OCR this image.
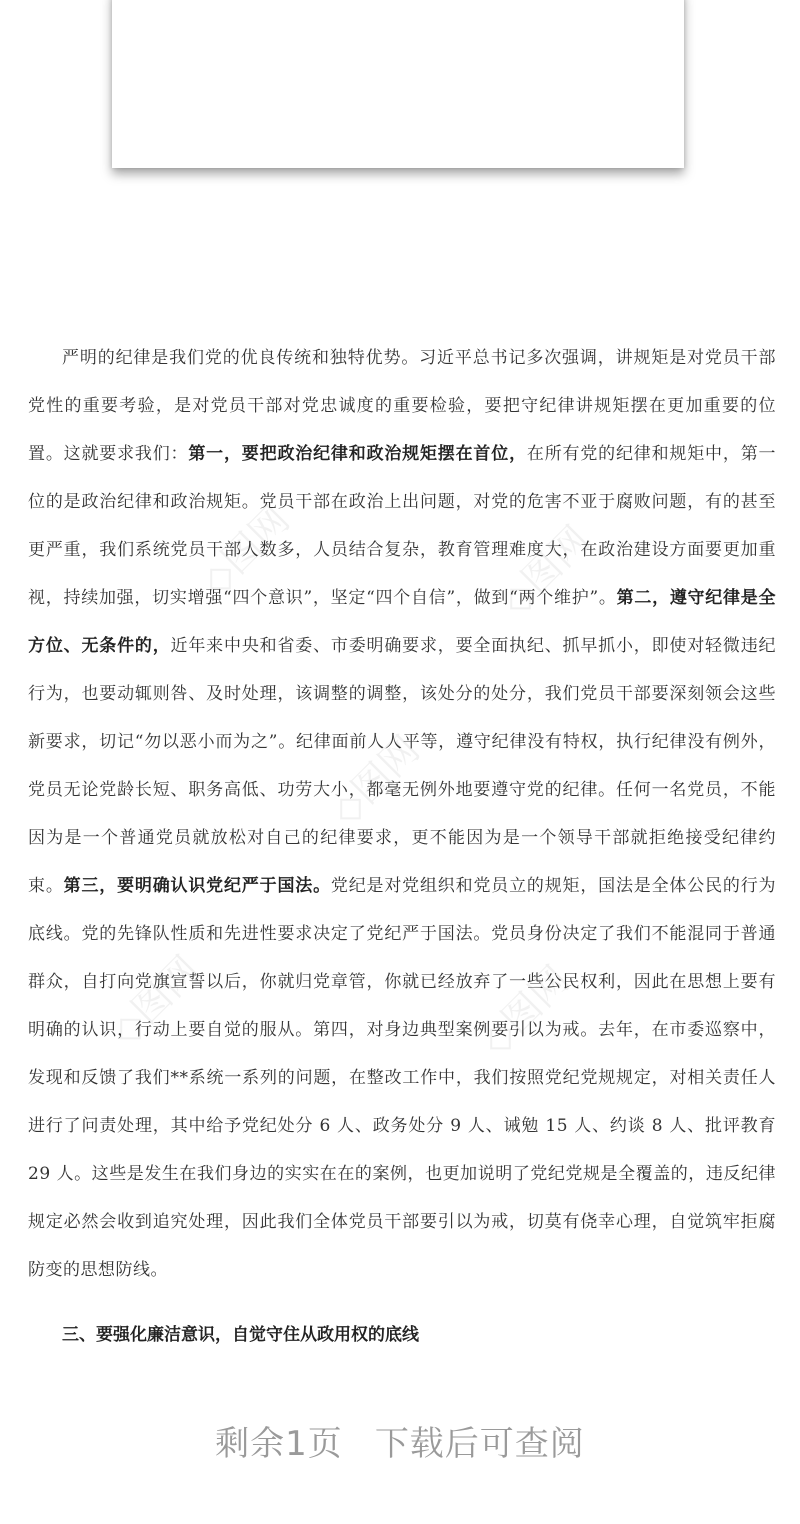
◇图网	◇图网
◇图网
◇图网	◇图网

严明的纪律是我们党的优良传统和独特优势。习近平总书记多次强调，讲规矩是对党员干部党性的重要考验，是对党员干部对党忠诚度的重要检验，要把守纪律讲规矩摆在更加重要的位置。这就要求我们：第一，要把政治纪律和政治规矩摆在首位，在所有党的纪律和规矩中，第一位的是政治纪律和政治规矩。党员干部在政治上出问题，对党的危害不亚于腐败问题，有的甚至更严重，我们系统党员干部人数多，人员结合复杂，教育管理难度大，在政治建设方面要更加重视，持续加强，切实增强“四个意识”，坚定“四个自信”，做到“两个维护”。第二，遵守纪律是全方位、无条件的，近年来中央和省委、市委明确要求，要全面执纪、抓早抓小，即使对轻微违纪行为，也要动辄则咎、及时处理，该调整的调整，该处分的处分，我们党员干部要深刻领会这些新要求，切记“勿以恶小而为之”。纪律面前人人平等，遵守纪律没有特权，执行纪律没有例外，党员无论党龄长短、职务高低、功劳大小，都毫无例外地要遵守党的纪律。任何一名党员，不能因为是一个普通党员就放松对自己的纪律要求，更不能因为是一个领导干部就拒绝接受纪律约束。第三，要明确认识党纪严于国法。党纪是对党组织和党员立的规矩，国法是全体公民的行为底线。党的先锋队性质和先进性要求决定了党纪严于国法。党员身份决定了我们不能混同于普通群众，自打向党旗宣誓以后，你就归党章管，你就已经放弃了一些公民权利，因此在思想上要有明确的认识，行动上要自觉的服从。第四，对身边典型案例要引以为戒。去年，在市委巡察中，发现和反馈了我们**系统一系列的问题，在整改工作中，我们按照党纪党规规定，对相关责任人进行了问责处理，其中给予党纪处分 6 人、政务处分 9 人、诫勉 15 人、约谈 8 人、批评教育 29 人。这些是发生在我们身边的实实在在的案例，也更加说明了党纪党规是全覆盖的，违反纪律规定必然会收到追究处理，因此我们全体党员干部要引以为戒，切莫有侥幸心理，自觉筑牢拒腐防变的思想防线。

三、要强化廉洁意识，自觉守住从政用权的底线

剩余1页 下载后可查阅
